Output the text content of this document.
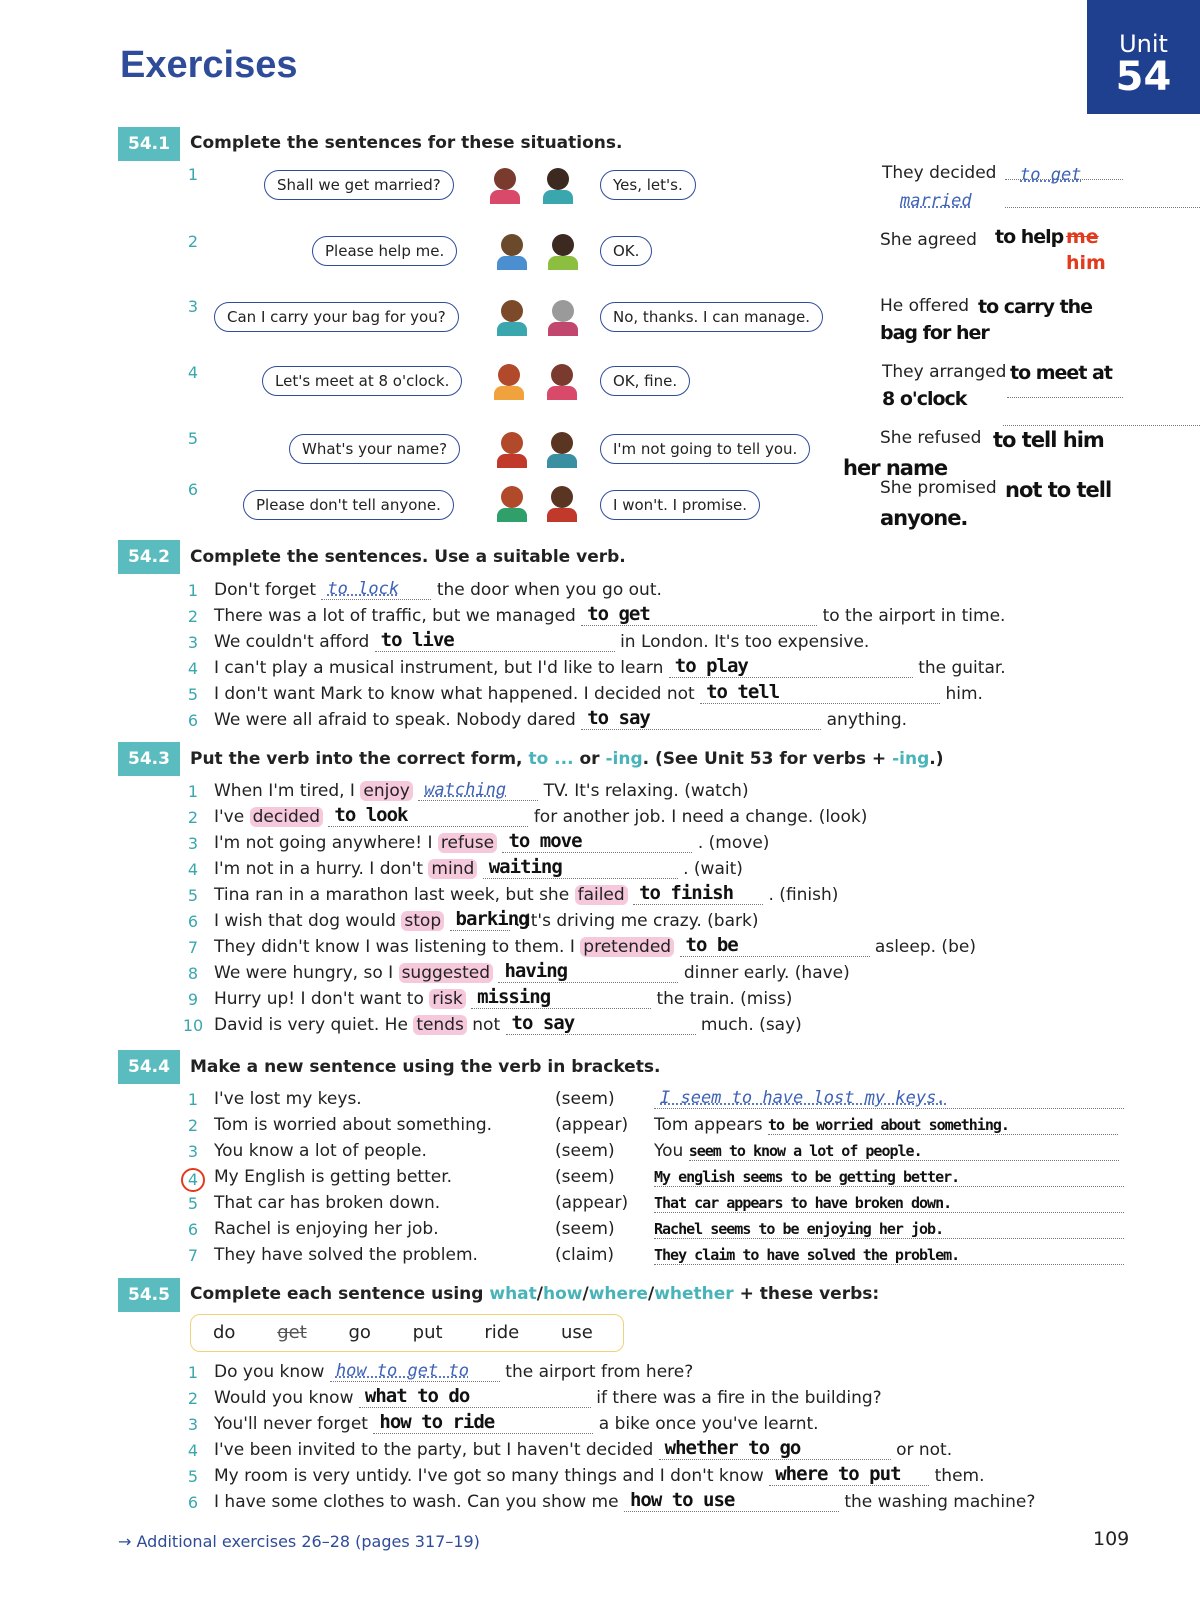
Exercises	Unit
54
54.1	Complete the sentences for these situations.
1
Shall we get married?	Yes, let's.
They decided
	to get married
2	Please help me.	OK.
She agreed
to help me
him
3
Can I carry your bag for you?	No, thanks. I can manage.
He offered
to carry the bag for her
4	Let's meet at 8 o'clock.	OK, fine.	They arranged
to meet at 8 o'clock
5
What's your name?	I'm not going to tell you.
She refused
to tell him her name
6
Please don't tell anyone.	I won't. I promise.
She promised
not to tell anyone.
54.2	Complete the sentences. Use a suitable verb.
1 Don't forget to lock the door when you go out.
2 There was a lot of traffic, but we managed to get	to the airport in time.
3 We couldn't afford to live	in London. It's too expensive.
4 I can't play a musical instrument, but I'd like to learn to play	the guitar.
5 I don't want Mark to know what happened. I decided not to tell	him.
6 We were all afraid to speak. Nobody dared to say	anything.
54.3	Put the verb into the correct form, to ... or -ing. (See Unit 53 for verbs + -ing.)
1 When I'm tired, I enjoy watching TV. It's relaxing. (watch)
2 I've decided to look	for another job. I need a change. (look)
3 I'm not going anywhere! I refuse to move	. (move)
4 I'm not in a hurry. I don't mind waiting	. (wait)
5 Tina ran in a marathon last week, but she failed to finish . (finish)
6 I wish that dog would stop barking
. It's driving me crazy. (bark)
7 They didn't know I was listening to them. I pretended to be	asleep. (be)
8 We were hungry, so I suggested having	dinner early. (have)
9 Hurry up! I don't want to risk missing	the train. (miss)
10 David is very quiet. He tends not to say	much. (say)
54.4	Make a new sentence using the verb in brackets.
1 I've lost my keys.	(seem)	I seem to have lost my keys.
2 Tom is worried about something.	(appear) Tom appears to be worried about something.
3 You know a lot of people.	(seem) You seem to know a lot of people.
4 My English is getting better.	(seem)	My english seems to be getting better.
5 That car has broken down.	(appear) That car appears to have broken down.
6 Rachel is enjoying her job.	(seem)	Rachel seems to be enjoying her job.
7 They have solved the problem.	(claim)	They claim to have solved the problem.
54.5	Complete each sentence using what/how/where/whether + these verbs:
do get go put ride use
1 Do you know how to get to the airport from here?
2 Would you know what to do	if there was a fire in the building?
3 You'll never forget how to ride	a bike once you've learnt.
4 I've been invited to the party, but I haven't decided whether to go	or not.
5 My room is very untidy. I've got so many things and I don't know where to put them.
6 I have some clothes to wash. Can you show me how to use	the washing machine?
→ Additional exercises 26–28 (pages 317–19)	109
